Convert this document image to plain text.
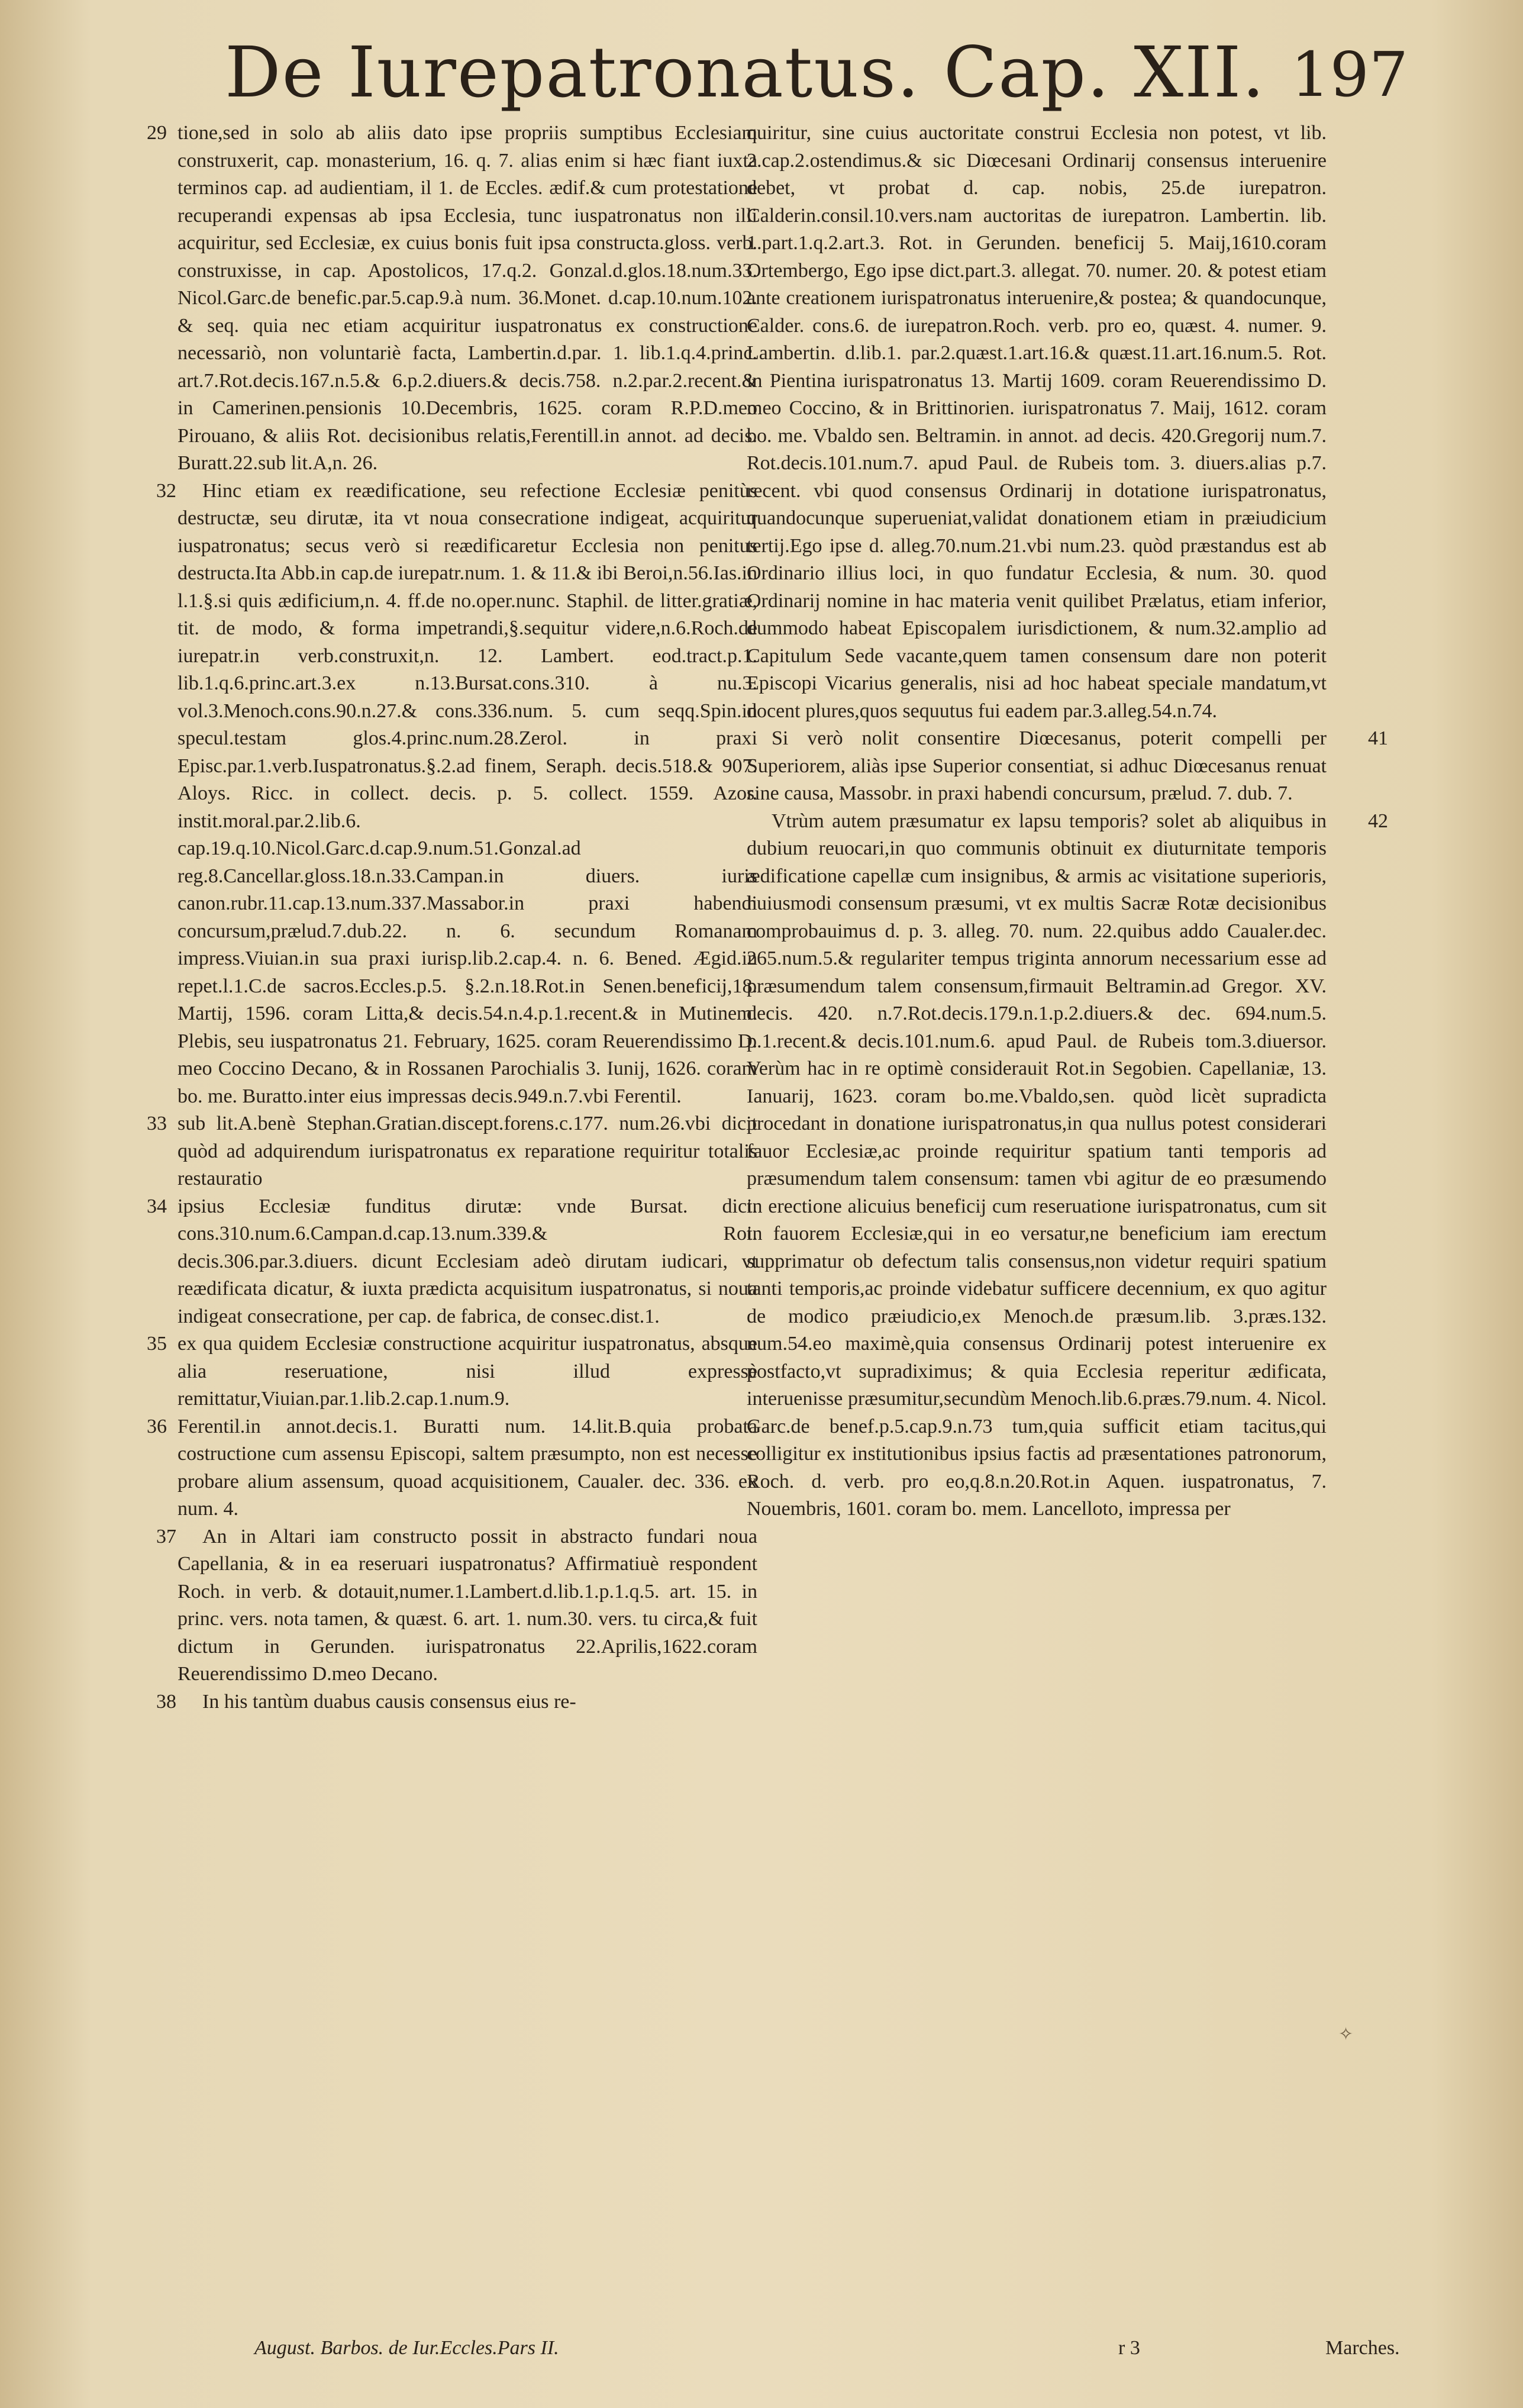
De Iurepatronatus. Cap. XII. 197

29 tione,sed in solo ab aliis dato ipse propriis sumptibus Ecclesiam construxerit, cap. monasterium, 16. q. 7. alias enim si hæc fiant iuxta terminos cap. ad audientiam, il 1. de Eccles. ædif.& cum protestatione recuperandi expensas ab ipsa Ecclesia, tunc iuspatronatus non illi acquiritur, sed Ecclesiæ, ex cuius bonis fuit ipsa constructa.gloss. verb. construxisse, in cap. Apostolicos, 17.q.2. Gonzal.d.glos.18.num.33. Nicol.Garc.de benefic.par.5.cap.9.à num. 36.Monet. d.cap.10.num.102. & seq. quia nec etiam acquiritur iuspatronatus ex constructione necessariò, non voluntariè facta, Lambertin.d.par. 1. lib.1.q.4.princ. art.7.Rot.decis.167.n.5.& 6.p.2.diuers.& decis.758. n.2.par.2.recent.& in Camerinen.pensionis 10.Decembris, 1625. coram R.P.D.meo Pirouano, & aliis Rot. decisionibus relatis,Ferentill.in annot. ad decis. Buratt.22.sub lit.A,n. 26.

32 Hinc etiam ex reædificatione, seu refectione Ecclesiæ penitùs destructæ, seu dirutæ, ita vt noua consecratione indigeat, acquiritur iuspatronatus; secus verò si reædificaretur Ecclesia non penitus destructa.Ita Abb.in cap.de iurepatr.num. 1. & 11.& ibi Beroi,n.56.Ias.in l.1.§.si quis ædificium,n. 4. ff.de no.oper.nunc. Staphil. de litter.gratiæ, tit. de modo, & forma impetrandi,§.sequitur videre,n.6.Roch.de iurepatr.in verb.construxit,n. 12. Lambert. eod.tract.p.1. lib.1.q.6.princ.art.3.ex n.13.Bursat.cons.310. à nu.3. vol.3.Menoch.cons.90.n.27.& cons.336.num. 5. cum seqq.Spin.in specul.testam glos.4.princ.num.28.Zerol. in praxi Episc.par.1.verb.Iuspatronatus.§.2.ad finem, Seraph. decis.518.& 907. Aloys. Ricc. in collect. decis. p. 5. collect. 1559. Azor. instit.moral.par.2.lib.6. cap.19.q.10.Nicol.Garc.d.cap.9.num.51.Gonzal.ad reg.8.Cancellar.gloss.18.n.33.Campan.in diuers. iuris canon.rubr.11.cap.13.num.337.Massabor.in praxi habendi concursum,prælud.7.dub.22. n. 6. secundum Romanam impress.Viuian.in sua praxi iurisp.lib.2.cap.4. n. 6. Bened. Ægid.in repet.l.1.C.de sacros.Eccles.p.5. §.2.n.18.Rot.in Senen.beneficij,18. Martij, 1596. coram Litta,& decis.54.n.4.p.1.recent.& in Mutinem. Plebis, seu iuspatronatus 21. February, 1625. coram Reuerendissimo D. meo Coccino Decano, & in Rossanen Parochialis 3. Iunij, 1626. coram bo. me. Buratto.inter eius impressas decis.949.n.7.vbi Ferentil.

33 sub lit.A.benè Stephan.Gratian.discept.forens.c.177. num.26.vbi dicit quòd ad adquirendum iurispatronatus ex reparatione requiritur totalis restauratio

34 ipsius Ecclesiæ funditus dirutæ: vnde Bursat. dict. cons.310.num.6.Campan.d.cap.13.num.339.& Rot. decis.306.par.3.diuers. dicunt Ecclesiam adeò dirutam iudicari, vt reædificata dicatur, & iuxta prædicta acquisitum iuspatronatus, si noua indigeat consecratione, per cap. de fabrica, de consec.dist.1.

35 ex qua quidem Ecclesiæ constructione acquiritur iuspatronatus, absque alia reseruatione, nisi illud expressè remittatur,Viuian.par.1.lib.2.cap.1.num.9.

36 Ferentil.in annot.decis.1. Buratti num. 14.lit.B.quia probata costructione cum assensu Episcopi, saltem præsumpto, non est necesse probare alium assensum, quoad acquisitionem, Caualer. dec. 336. ex num. 4.

37 An in Altari iam constructo possit in abstracto fundari noua Capellania, & in ea reseruari iuspatronatus? Affirmatiuè respondent Roch. in verb. & dotauit,numer.1.Lambert.d.lib.1.p.1.q.5. art. 15. in princ. vers. nota tamen, & quæst. 6. art. 1. num.30. vers. tu circa,& fuit dictum in Gerunden. iurispatronatus 22.Aprilis,1622.coram Reuerendissimo D.meo Decano.

38 In his tantùm duabus causis consensus eius re-

quiritur, sine cuius auctoritate construi Ecclesia non potest, vt lib. 2.cap.2.ostendimus.& sic Diœcesani Ordinarij consensus interuenire debet, vt probat d. cap. nobis, 25.de iurepatron. Calderin.consil.10.vers.nam auctoritas de iurepatron. Lambertin. lib. 1.part.1.q.2.art.3. Rot. in Gerunden. beneficij 5. Maij,1610.coram Ortembergo, Ego ipse dict.part.3. allegat. 70. numer. 20. & potest etiam ante creationem iurispatronatus interuenire,& postea; & quandocunque, Calder. cons.6. de iurepatron.Roch. verb. pro eo, quæst. 4. numer. 9. Lambertin. d.lib.1. par.2.quæst.1.art.16.& quæst.11.art.16.num.5. Rot. in Pientina iurispatronatus 13. Martij 1609. coram Reuerendissimo D. meo Coccino, & in Brittinorien. iurispatronatus 7. Maij, 1612. coram bo. me. Vbaldo sen. Beltramin. in annot. ad decis. 420.Gregorij num.7. Rot.decis.101.num.7. apud Paul. de Rubeis tom. 3. diuers.alias p.7. recent. vbi quod consensus Ordinarij in dotatione iurispatronatus, quandocunque superueniat,validat donationem etiam in præiudicium tertij.Ego ipse d. alleg.70.num.21.vbi num.23. quòd præstandus est ab Ordinario illius loci, in quo fundatur Ecclesia, & num. 30. quod Ordinarij nomine in hac materia venit quilibet Prælatus, etiam inferior, dummodo habeat Episcopalem iurisdictionem, & num.32.amplio ad Capitulum Sede vacante,quem tamen consensum dare non poterit Episcopi Vicarius generalis, nisi ad hoc habeat speciale mandatum,vt docent plures,quos sequutus fui eadem par.3.alleg.54.n.74.

41
Si verò nolit consentire Diœcesanus, poterit compelli per Superiorem, aliàs ipse Superior consentiat, si adhuc Diœcesanus renuat sine causa, Massobr. in praxi habendi concursum, prælud. 7. dub. 7.

42
Vtrùm autem præsumatur ex lapsu temporis? solet ab aliquibus in dubium reuocari,in quo communis obtinuit ex diuturnitate temporis ædificatione capellæ cum insignibus, & armis ac visitatione superioris, huiusmodi consensum præsumi, vt ex multis Sacræ Rotæ decisionibus comprobauimus d. p. 3. alleg. 70. num. 22.quibus addo Caualer.dec. 265.num.5.& regulariter tempus triginta annorum necessarium esse ad præsumendum talem consensum,firmauit Beltramin.ad Gregor. XV. decis. 420. n.7.Rot.decis.179.n.1.p.2.diuers.& dec. 694.num.5. p.1.recent.& decis.101.num.6. apud Paul. de Rubeis tom.3.diuersor. Verùm hac in re optimè considerauit Rot.in Segobien. Capellaniæ, 13. Ianuarij, 1623. coram bo.me.Vbaldo,sen. quòd licèt supradicta procedant in donatione iurispatronatus,in qua nullus potest considerari fauor Ecclesiæ,ac proinde requiritur spatium tanti temporis ad præsumendum talem consensum: tamen vbi agitur de eo præsumendo in erectione alicuius beneficij cum reseruatione iurispatronatus, cum sit in fauorem Ecclesiæ,qui in eo versatur,ne beneficium iam erectum supprimatur ob defectum talis consensus,non videtur requiri spatium tanti temporis,ac proinde videbatur sufficere decennium, ex quo agitur de modico præiudicio,ex Menoch.de præsum.lib. 3.præs.132. num.54.eo maximè,quia consensus Ordinarij potest interuenire ex postfacto,vt supradiximus; & quia Ecclesia reperitur ædificata, interuenisse præsumitur,secundùm Menoch.lib.6.præs.79.num. 4. Nicol. Garc.de benef.p.5.cap.9.n.73 tum,quia sufficit etiam tacitus,qui colligitur ex institutionibus ipsius factis ad præsentationes patronorum, Roch. d. verb. pro eo,q.8.n.20.Rot.in Aquen. iuspatronatus, 7. Nouembris, 1601. coram bo. mem. Lancelloto, impressa per

August. Barbos. de Iur.Eccles.Pars II.	r 3	Marches.
✧
